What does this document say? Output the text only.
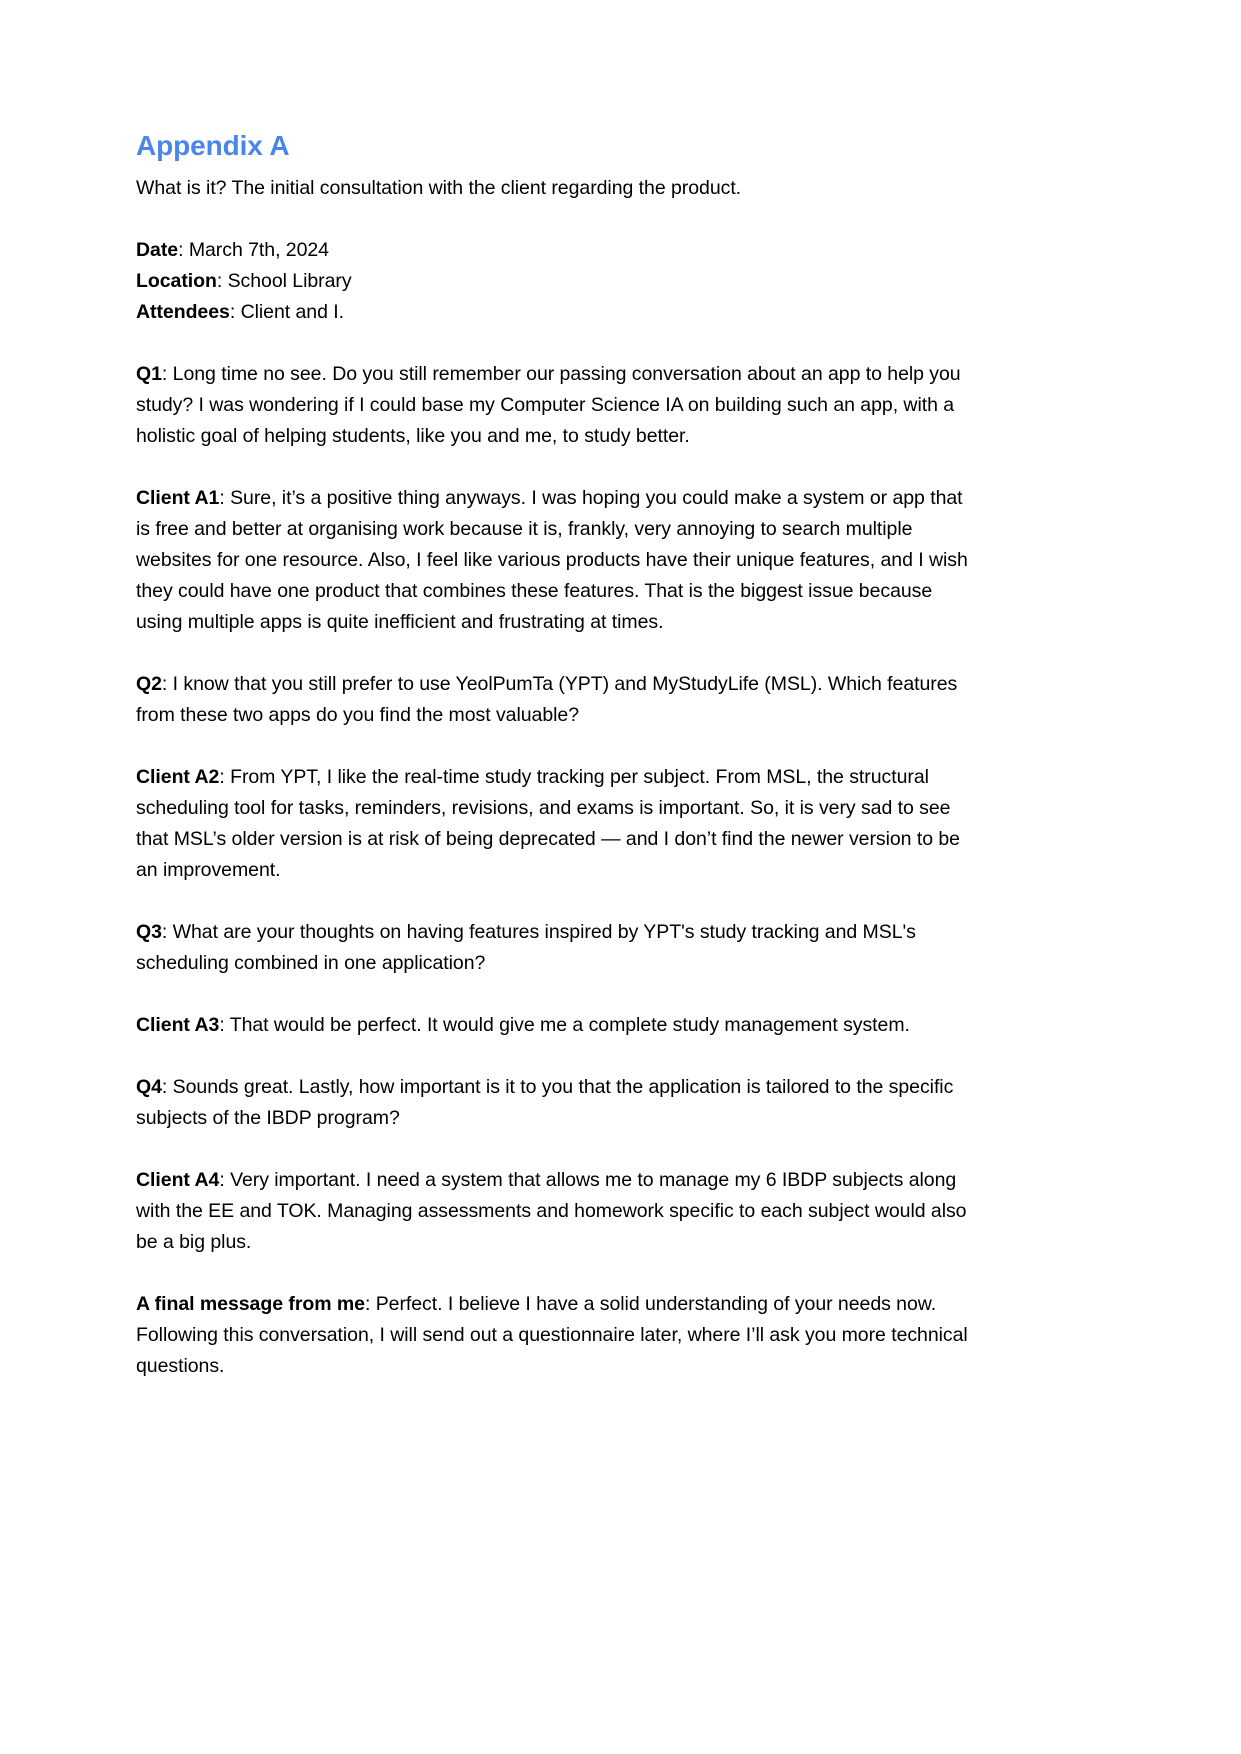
Appendix A

What is it? The initial consultation with the client regarding the product.

Date: March 7th, 2024

Location: School Library

Attendees: Client and I.

Q1: Long time no see. Do you still remember our passing conversation about an app to help you study? I was wondering if I could base my Computer Science IA on building such an app, with a holistic goal of helping students, like you and me, to study better.

Client A1: Sure, it’s a positive thing anyways. I was hoping you could make a system or app that is free and better at organising work because it is, frankly, very annoying to search multiple websites for one resource. Also, I feel like various products have their unique features, and I wish they could have one product that combines these features. That is the biggest issue because using multiple apps is quite inefficient and frustrating at times.

Q2: I know that you still prefer to use YeolPumTa (YPT) and MyStudyLife (MSL). Which features from these two apps do you find the most valuable?

Client A2: From YPT, I like the real-time study tracking per subject. From MSL, the structural scheduling tool for tasks, reminders, revisions, and exams is important. So, it is very sad to see that MSL’s older version is at risk of being deprecated — and I don’t find the newer version to be an improvement.

Q3: What are your thoughts on having features inspired by YPT's study tracking and MSL's scheduling combined in one application?

Client A3: That would be perfect. It would give me a complete study management system.

Q4: Sounds great. Lastly, how important is it to you that the application is tailored to the specific subjects of the IBDP program?

Client A4: Very important. I need a system that allows me to manage my 6 IBDP subjects along with the EE and TOK. Managing assessments and homework specific to each subject would also be a big plus.

A final message from me: Perfect. I believe I have a solid understanding of your needs now. Following this conversation, I will send out a questionnaire later, where I’ll ask you more technical questions.
